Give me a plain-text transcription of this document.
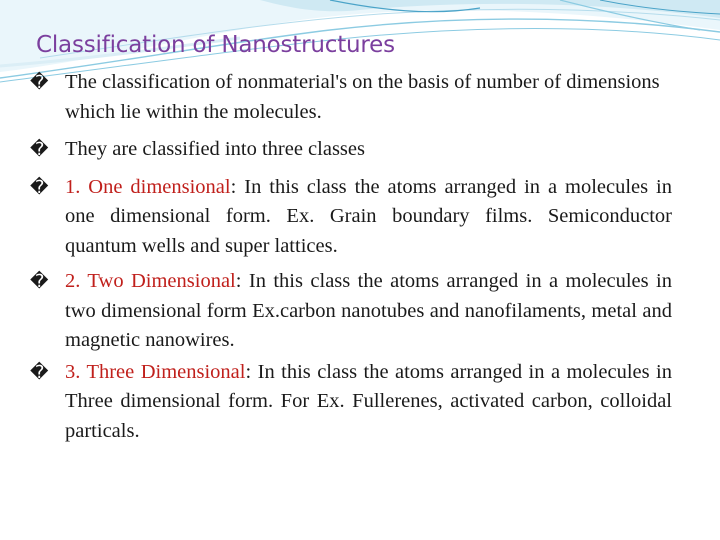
Classification of Nanostructures

� The classification of nonmaterial's on the basis of number of dimensions which lie within the molecules.

� They are classified into three classes

� 1. One dimensional: In this class the atoms arranged in a molecules in one dimensional form. Ex. Grain boundary films. Semiconductor quantum wells and super lattices.

� 2. Two Dimensional: In this class the atoms arranged in a molecules in two dimensional form Ex.carbon nanotubes and nanofilaments, metal and magnetic nanowires.

� 3. Three Dimensional: In this class the atoms arranged in a molecules in Three dimensional form. For Ex. Fullerenes, activated carbon, colloidal particals.
